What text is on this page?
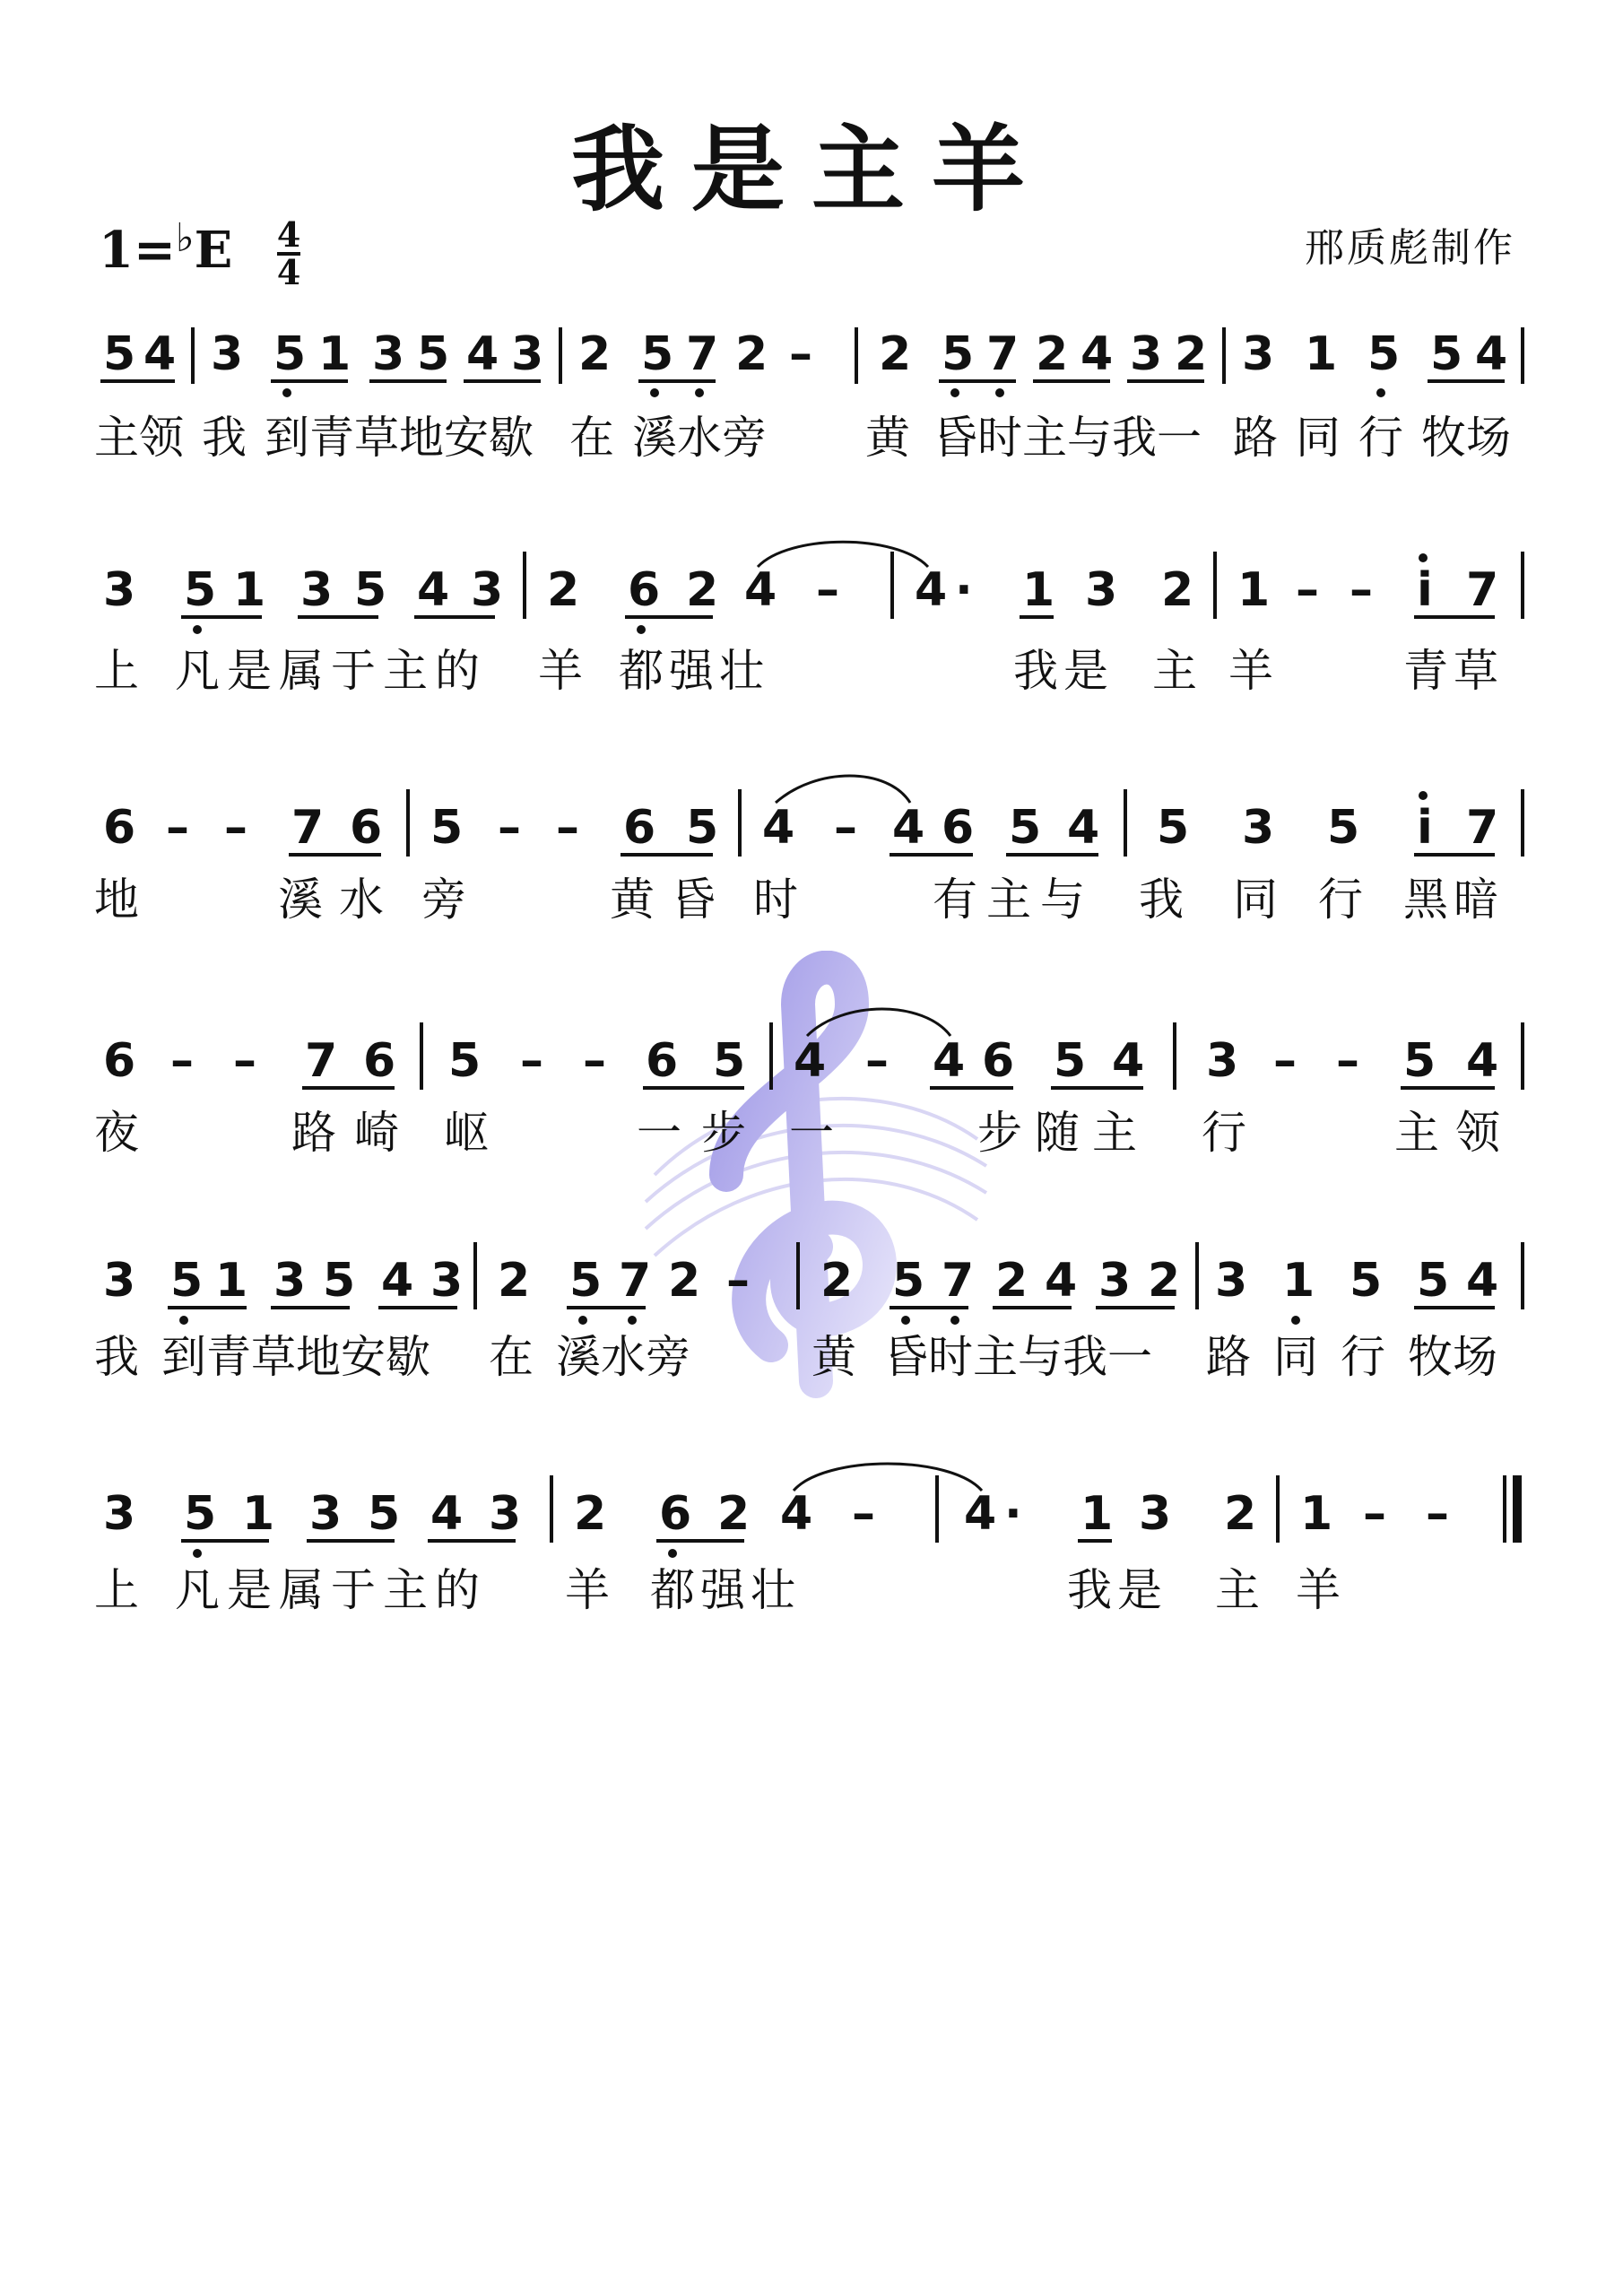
我是主羊
$1=^♭E \frac{4}{4}$	邢质彪制作
5 4 3 5 1 3 5 4 3 2 5 7 2 – 2 5 7 2 4 3 2 3 1 5 5 4
主领 我 到青草地安歇 在 溪水旁 黄 昏时主与我一 路 同 行 牧场
3 5 1 3 5 4 3 2 6 2 4 – 4 · 1 3 2 1 – – i 7
上 凡是属于主的 羊 都强壮	我是 主 羊	青草
6 – – 7 6 5 – – 6 5 4 – 4 6 5 4 5 3 5 i 7
地	溪水 旁	黄昏 时	有主与 我 同 行 黑暗
6 – – 7 6 5 – – 6 5 4 – 4 6 5 4 3 – – 5 4
夜	路崎 岖	一步 一	步随主 行	主领
3 5 1 3 5 4 3 2 5 7 2 – 2 5 7 2 4 3 2 3 1 5 5 4
我 到青草地安歇 在 溪水旁	黄 昏时主与我一 路 同 行 牧场
3 5 1 3 5 4 3 2 6 2 4 – 4 · 1 3 2 1 – –
上 凡是属于主的 羊 都强壮	我是 主 羊
